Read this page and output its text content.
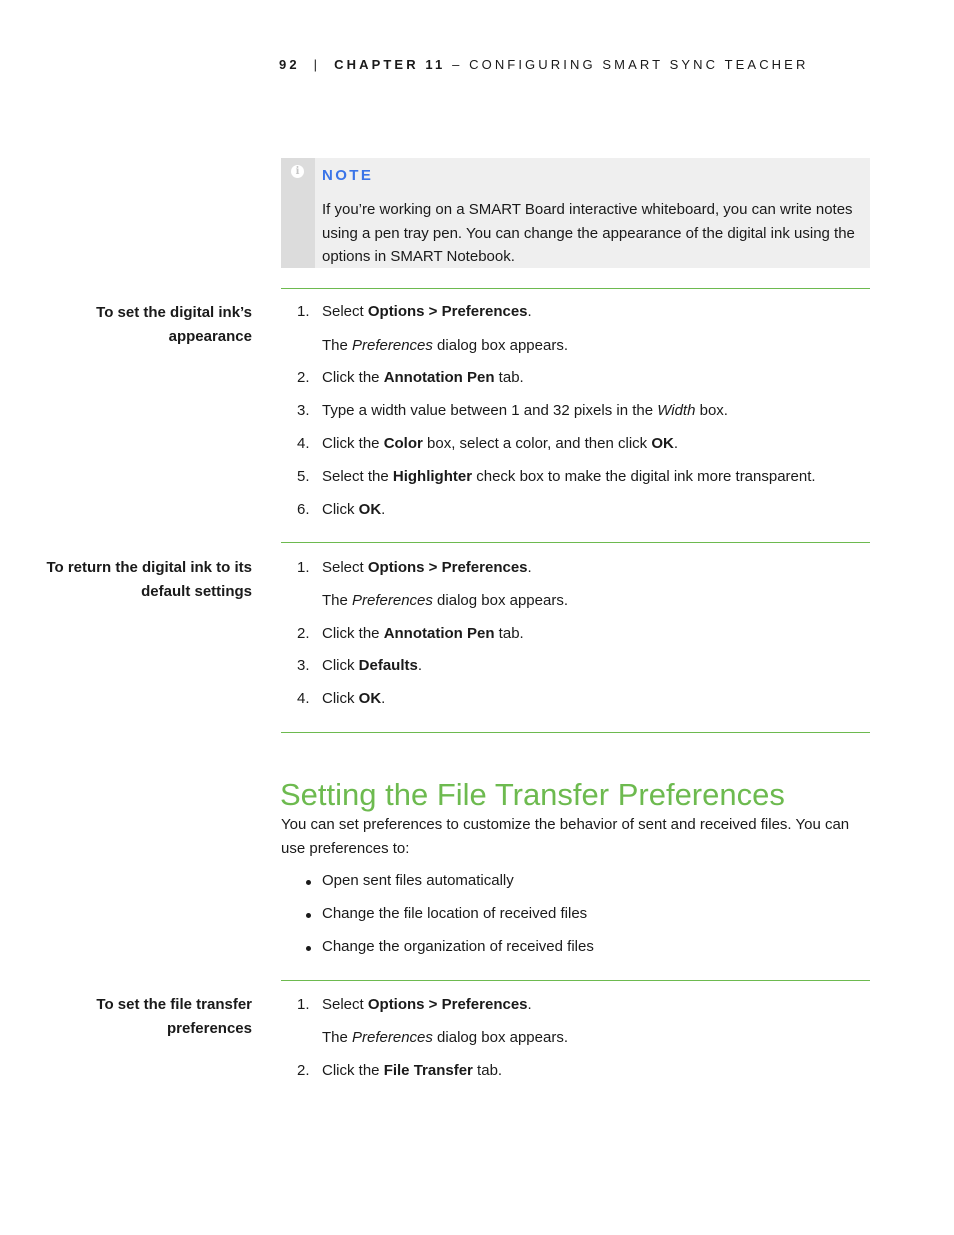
92 | CHAPTER 11 – CONFIGURING SMART SYNC TEACHER
i	NOTE
If you’re working on a SMART Board interactive whiteboard, you can write notes using a pen tray pen. You can change the appearance of the digital ink using the options in SMART Notebook.
To set the digital ink’s appearance
1. Select Options > Preferences.
The Preferences dialog box appears.
2. Click the Annotation Pen tab.
3. Type a width value between 1 and 32 pixels in the Width box.
4. Click the Color box, select a color, and then click OK.
5. Select the Highlighter check box to make the digital ink more transparent.
6. Click OK.
To return the digital ink to its default settings
1. Select Options > Preferences.
The Preferences dialog box appears.
2. Click the Annotation Pen tab.
3. Click Defaults.
4. Click OK.
Setting the File Transfer Preferences
You can set preferences to customize the behavior of sent and received files. You can use preferences to:
Open sent files automatically
Change the file location of received files
Change the organization of received files
To set the file transfer preferences
1. Select Options > Preferences.
The Preferences dialog box appears.
2. Click the File Transfer tab.
